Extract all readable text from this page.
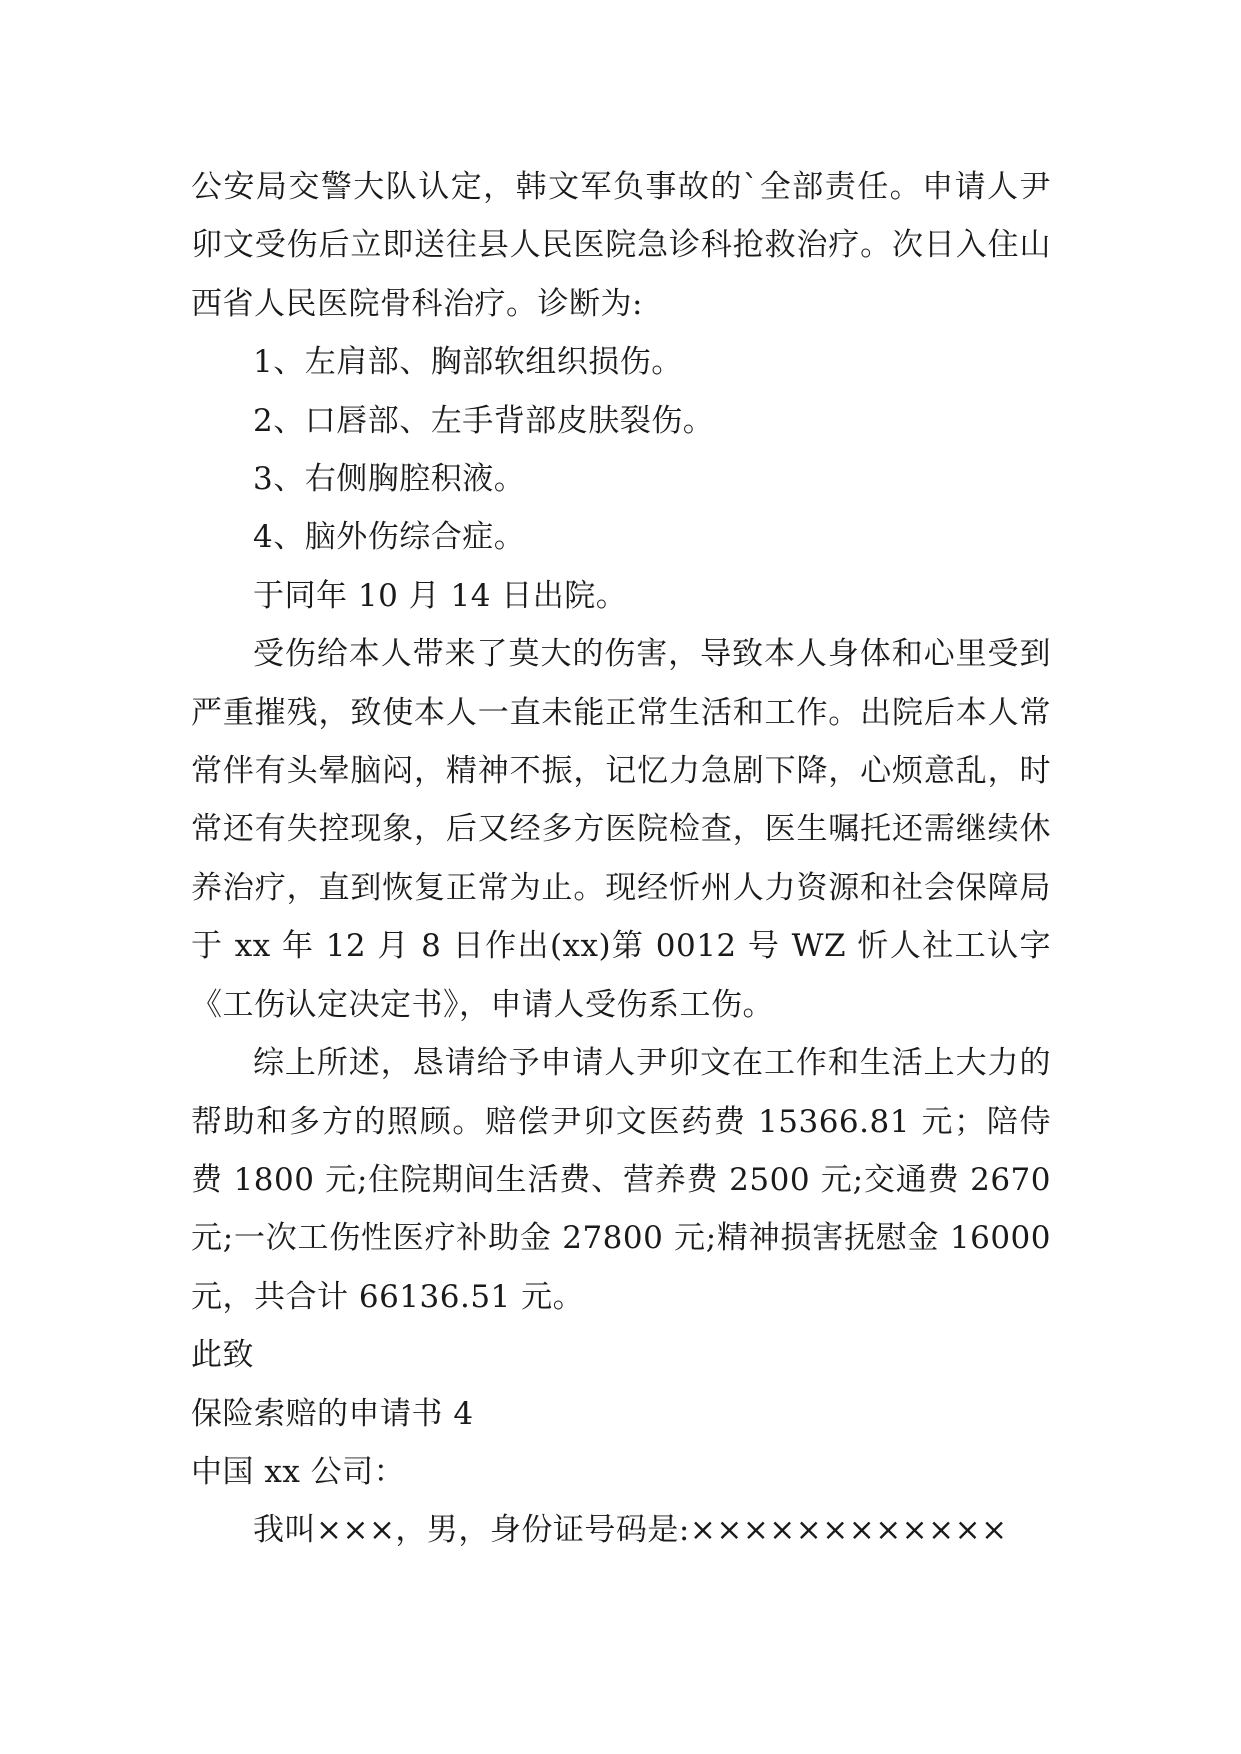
公安局交警大队认定，韩文军负事故的`全部责任。申请人尹卯文受伤后立即送往县人民医院急诊科抢救治疗。次日入住山西省人民医院骨科治疗。诊断为:

1、左肩部、胸部软组织损伤。

2、口唇部、左手背部皮肤裂伤。

3、右侧胸腔积液。

4、脑外伤综合症。

于同年 10 月 14 日出院。

受伤给本人带来了莫大的伤害，导致本人身体和心里受到严重摧残，致使本人一直未能正常生活和工作。出院后本人常常伴有头晕脑闷，精神不振，记忆力急剧下降，心烦意乱，时常还有失控现象，后又经多方医院检查，医生嘱托还需继续休养治疗，直到恢复正常为止。现经忻州人力资源和社会保障局于 xx 年 12 月 8 日作出(xx)第 0012 号 WZ 忻人社工认字《工伤认定决定书》，申请人受伤系工伤。

综上所述，恳请给予申请人尹卯文在工作和生活上大力的帮助和多方的照顾。赔偿尹卯文医药费 15366.81 元；陪侍费 1800 元;住院期间生活费、营养费 2500 元;交通费 2670 元;一次工伤性医疗补助金 27800 元;精神损害抚慰金 16000 元，共合计 66136.51 元。

此致

保险索赔的申请书 4

中国 xx 公司：

我叫×××，男，身份证号码是:××××××××××××
